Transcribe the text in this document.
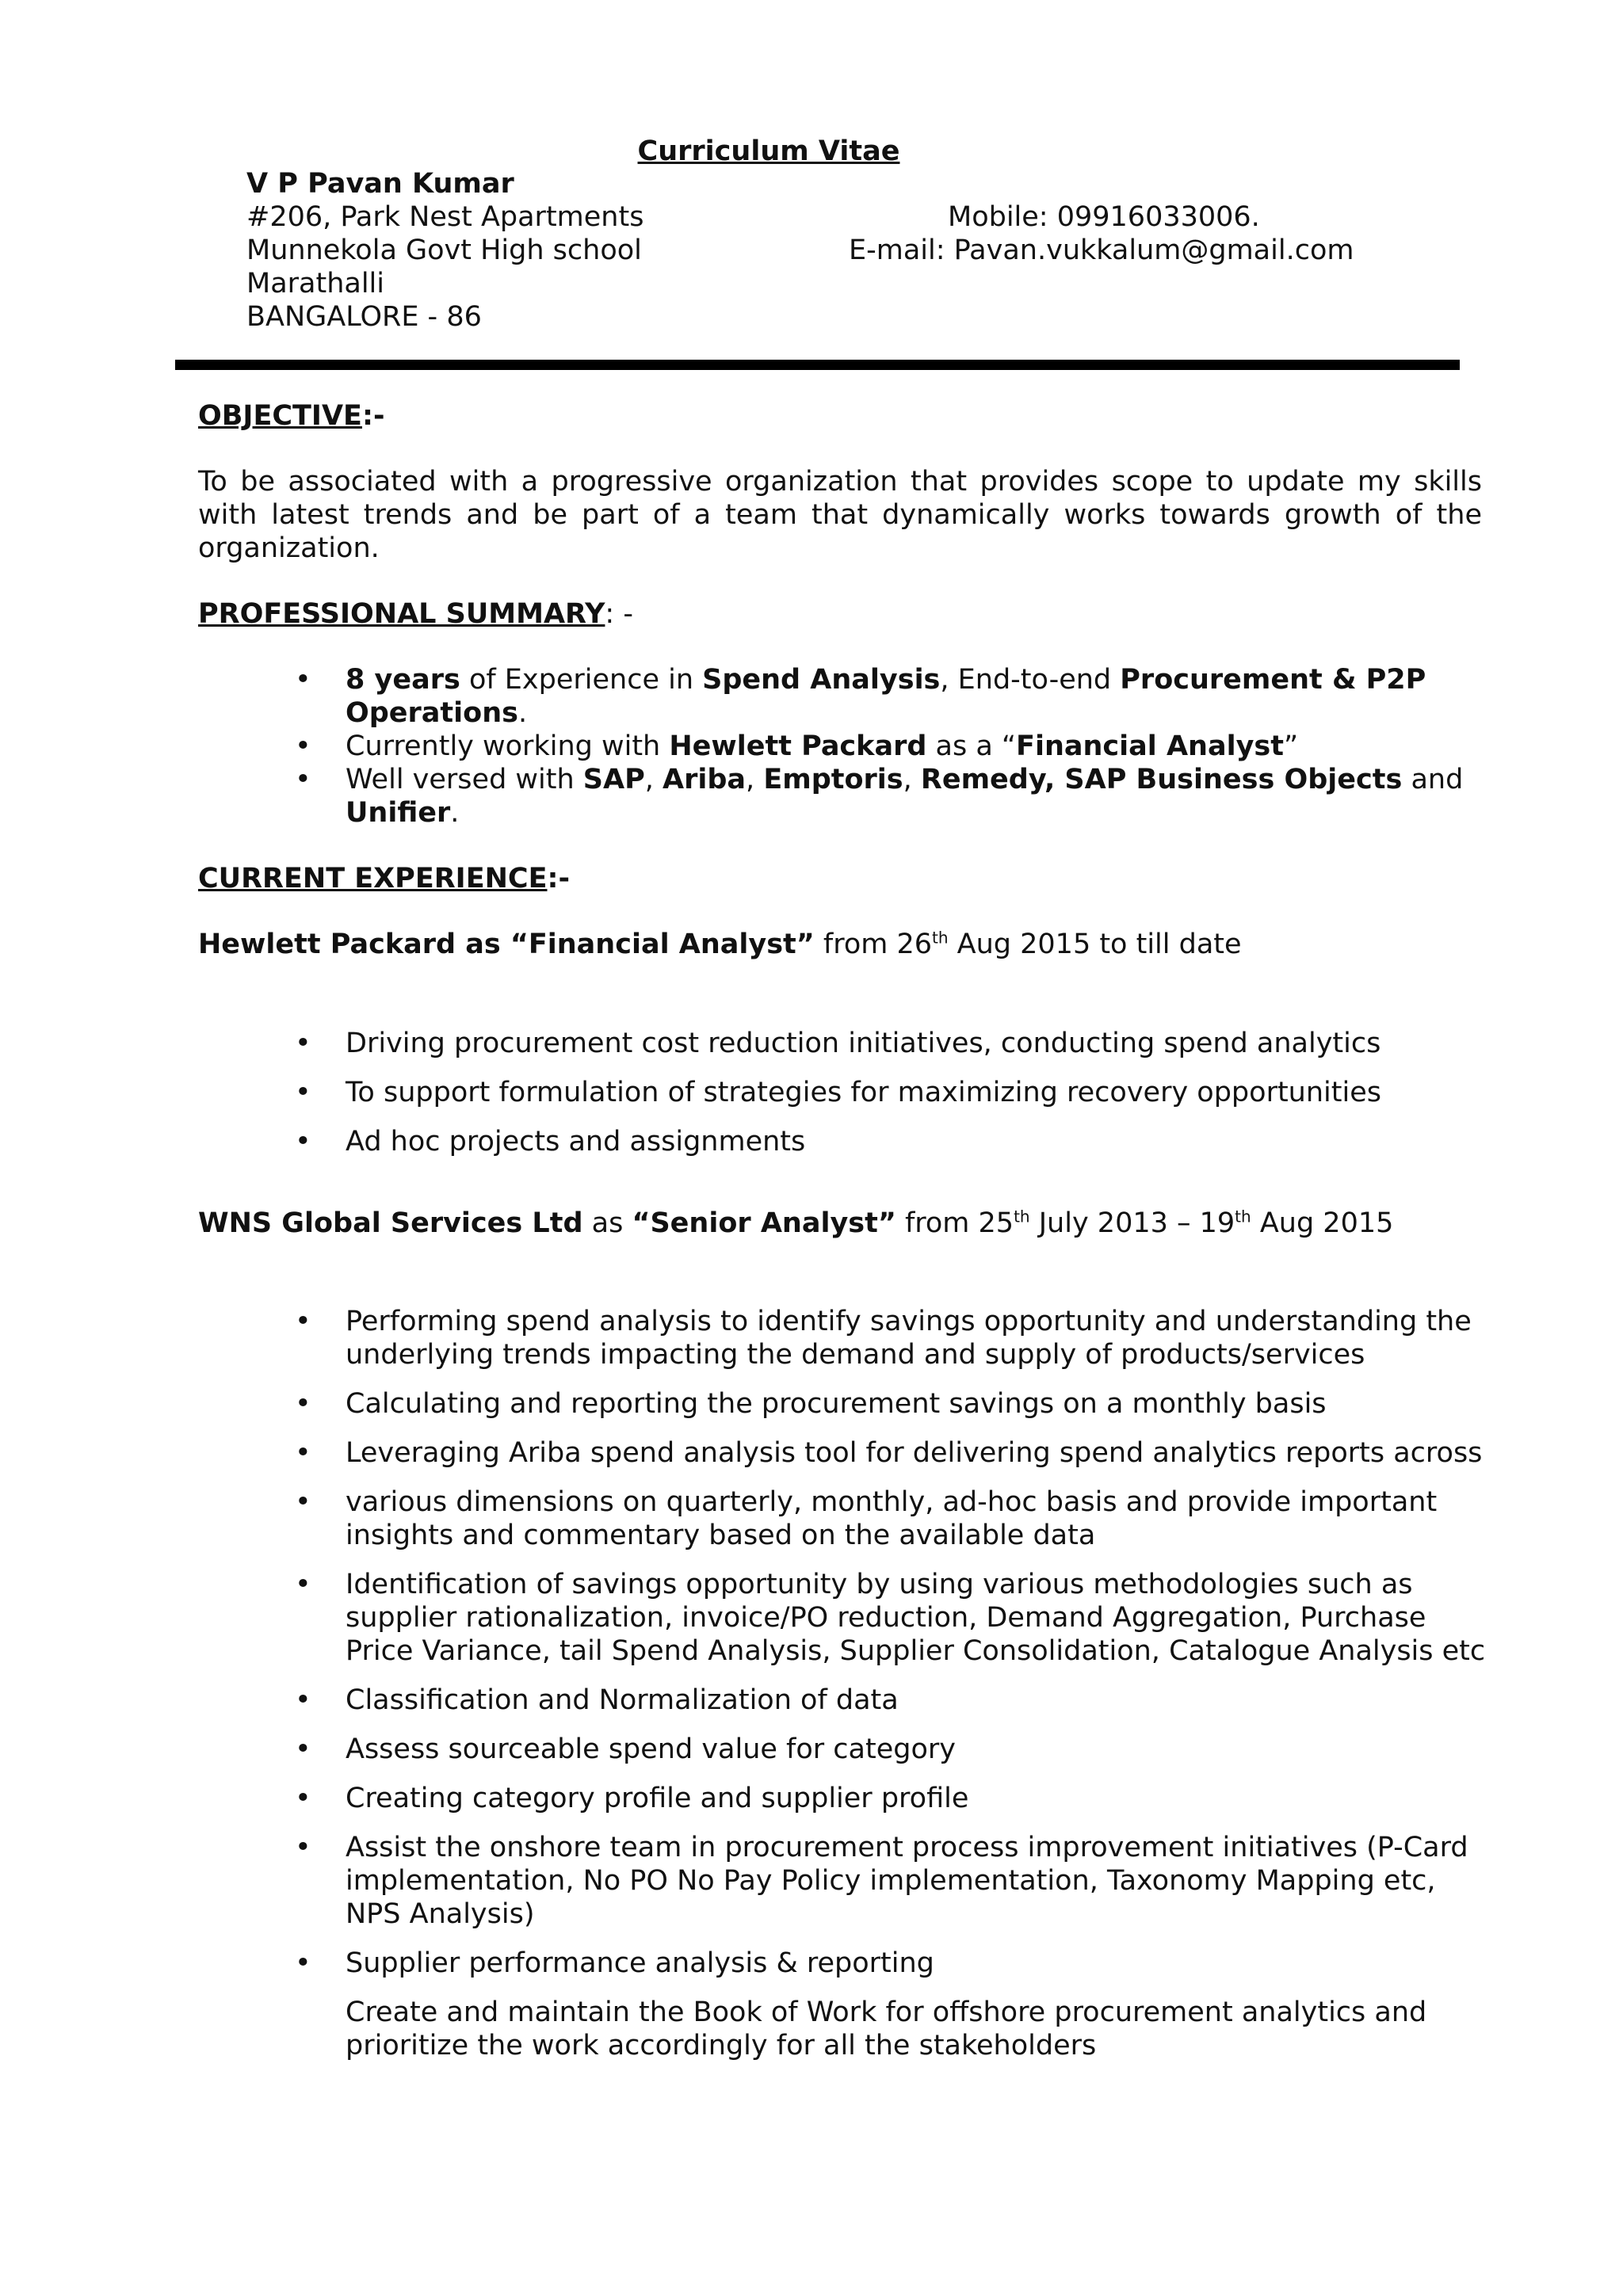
Curriculum Vitae
V P Pavan Kumar
#206, Park Nest Apartments
Munnekola Govt High school
Marathalli
BANGALORE - 86
Mobile: 09916033006.
E-mail: Pavan.vukkalum@gmail.com
OBJECTIVE:-
To be associated with a progressive organization that provides scope to update my skills
with latest trends and be part of a team that dynamically works towards growth of the
organization.
PROFESSIONAL SUMMARY: -
• 8 years of Experience in Spend Analysis, End-to-end Procurement & P2P
Operations.
• Currently working with Hewlett Packard as a “Financial Analyst”
• Well versed with SAP, Ariba, Emptoris, Remedy, SAP Business Objects and
Unifier.
CURRENT EXPERIENCE:-
Hewlett Packard as “Financial Analyst” from 26th Aug 2015 to till date
• Driving procurement cost reduction initiatives, conducting spend analytics
• To support formulation of strategies for maximizing recovery opportunities
• Ad hoc projects and assignments
WNS Global Services Ltd as “Senior Analyst” from 25th July 2013 – 19th Aug 2015
• Performing spend analysis to identify savings opportunity and understanding the
underlying trends impacting the demand and supply of products/services
• Calculating and reporting the procurement savings on a monthly basis
• Leveraging Ariba spend analysis tool for delivering spend analytics reports across
• various dimensions on quarterly, monthly, ad-hoc basis and provide important
insights and commentary based on the available data
• Identification of savings opportunity by using various methodologies such as
supplier rationalization, invoice/PO reduction, Demand Aggregation, Purchase
Price Variance, tail Spend Analysis, Supplier Consolidation, Catalogue Analysis etc
• Classification and Normalization of data
• Assess sourceable spend value for category
• Creating category profile and supplier profile
• Assist the onshore team in procurement process improvement initiatives (P-Card
implementation, No PO No Pay Policy implementation, Taxonomy Mapping etc,
NPS Analysis)
• Supplier performance analysis & reporting
Create and maintain the Book of Work for offshore procurement analytics and
prioritize the work accordingly for all the stakeholders
